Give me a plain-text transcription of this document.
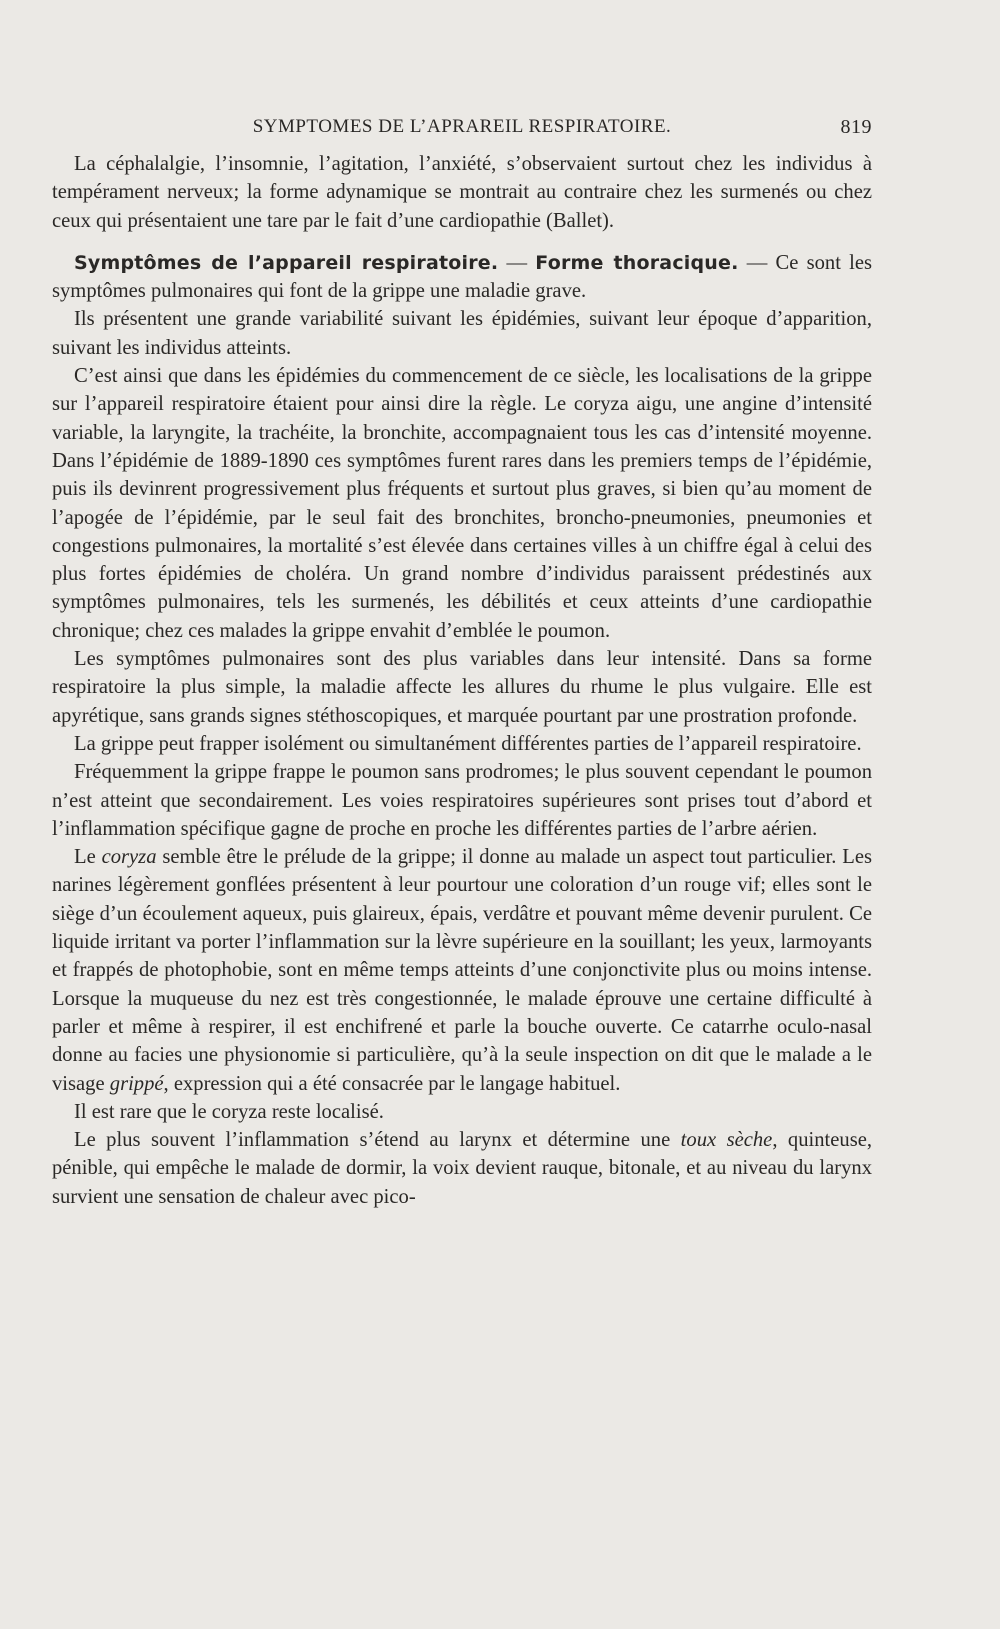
SYMPTOMES DE L’APRAREIL RESPIRATOIRE.	819

La céphalalgie, l’insomnie, l’agitation, l’anxiété, s’observaient surtout chez les individus à tempérament nerveux; la forme adynamique se montrait au contraire chez les surmenés ou chez ceux qui présentaient une tare par le fait d’une cardiopathie (Ballet).

Symptômes de l’appareil respiratoire. — Forme thoracique. — Ce sont les symptômes pulmonaires qui font de la grippe une maladie grave.

Ils présentent une grande variabilité suivant les épidémies, suivant leur époque d’apparition, suivant les individus atteints.

C’est ainsi que dans les épidémies du commencement de ce siècle, les localisations de la grippe sur l’appareil respiratoire étaient pour ainsi dire la règle. Le coryza aigu, une angine d’intensité variable, la laryngite, la trachéite, la bronchite, accompagnaient tous les cas d’intensité moyenne. Dans l’épidémie de 1889-1890 ces symptômes furent rares dans les premiers temps de l’épidémie, puis ils devinrent progressivement plus fréquents et surtout plus graves, si bien qu’au moment de l’apogée de l’épidémie, par le seul fait des bronchites, broncho-pneumonies, pneumonies et congestions pulmonaires, la mortalité s’est élevée dans certaines villes à un chiffre égal à celui des plus fortes épidémies de choléra. Un grand nombre d’individus paraissent prédestinés aux symptômes pulmonaires, tels les surmenés, les débilités et ceux atteints d’une cardiopathie chronique; chez ces malades la grippe envahit d’emblée le poumon.

Les symptômes pulmonaires sont des plus variables dans leur intensité. Dans sa forme respiratoire la plus simple, la maladie affecte les allures du rhume le plus vulgaire. Elle est apyrétique, sans grands signes stéthoscopiques, et marquée pourtant par une prostration profonde.

La grippe peut frapper isolément ou simultanément différentes parties de l’appareil respiratoire.

Fréquemment la grippe frappe le poumon sans prodromes; le plus souvent cependant le poumon n’est atteint que secondairement. Les voies respiratoires supérieures sont prises tout d’abord et l’inflammation spécifique gagne de proche en proche les différentes parties de l’arbre aérien.

Le coryza semble être le prélude de la grippe; il donne au malade un aspect tout particulier. Les narines légèrement gonflées présentent à leur pourtour une coloration d’un rouge vif; elles sont le siège d’un écoulement aqueux, puis glaireux, épais, verdâtre et pouvant même devenir purulent. Ce liquide irritant va porter l’inflammation sur la lèvre supérieure en la souillant; les yeux, larmoyants et frappés de photophobie, sont en même temps atteints d’une conjonctivite plus ou moins intense. Lorsque la muqueuse du nez est très congestionnée, le malade éprouve une certaine difficulté à parler et même à respirer, il est enchifrené et parle la bouche ouverte. Ce catarrhe oculo-nasal donne au facies une physionomie si particulière, qu’à la seule inspection on dit que le malade a le visage grippé, expression qui a été consacrée par le langage habituel.

Il est rare que le coryza reste localisé.

Le plus souvent l’inflammation s’étend au larynx et détermine une toux sèche, quinteuse, pénible, qui empêche le malade de dormir, la voix devient rauque, bitonale, et au niveau du larynx survient une sensation de chaleur avec pico-
